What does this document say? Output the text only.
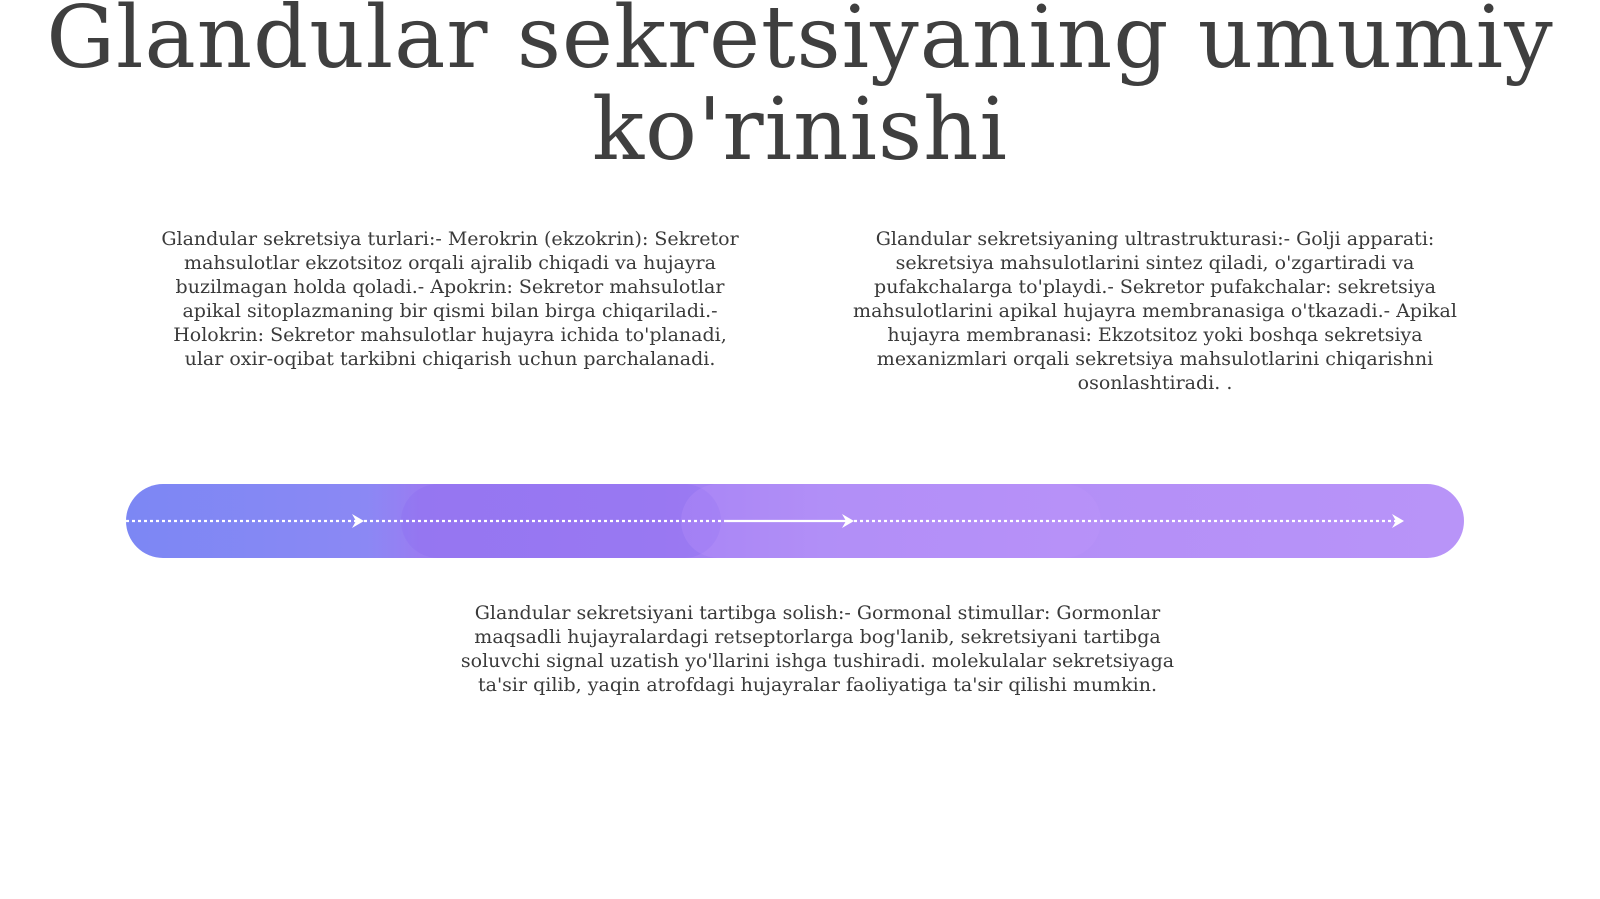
Glandular sekretsiyaning umumiy ko'rinishi

Glandular sekretsiya turlari:- Merokrin (ekzokrin): Sekretor mahsulotlar ekzotsitoz orqali ajralib chiqadi va hujayra buzilmagan holda qoladi.- Apokrin: Sekretor mahsulotlar apikal sitoplazmaning bir qismi bilan birga chiqariladi.- Holokrin: Sekretor mahsulotlar hujayra ichida to'planadi, ular oxir-oqibat tarkibni chiqarish uchun parchalanadi.

Glandular sekretsiyaning ultrastrukturasi:- Golji apparati: sekretsiya mahsulotlarini sintez qiladi, o'zgartiradi va pufakchalarga to'playdi.- Sekretor pufakchalar: sekretsiya mahsulotlarini apikal hujayra membranasiga o'tkazadi.- Apikal hujayra membranasi: Ekzotsitoz yoki boshqa sekretsiya mexanizmlari orqali sekretsiya mahsulotlarini chiqarishni osonlashtiradi. .

Glandular sekretsiyani tartibga solish:- Gormonal stimullar: Gormonlar maqsadli hujayralardagi retseptorlarga bog'lanib, sekretsiyani tartibga soluvchi signal uzatish yo'llarini ishga tushiradi. molekulalar sekretsiyaga ta'sir qilib, yaqin atrofdagi hujayralar faoliyatiga ta'sir qilishi mumkin.
